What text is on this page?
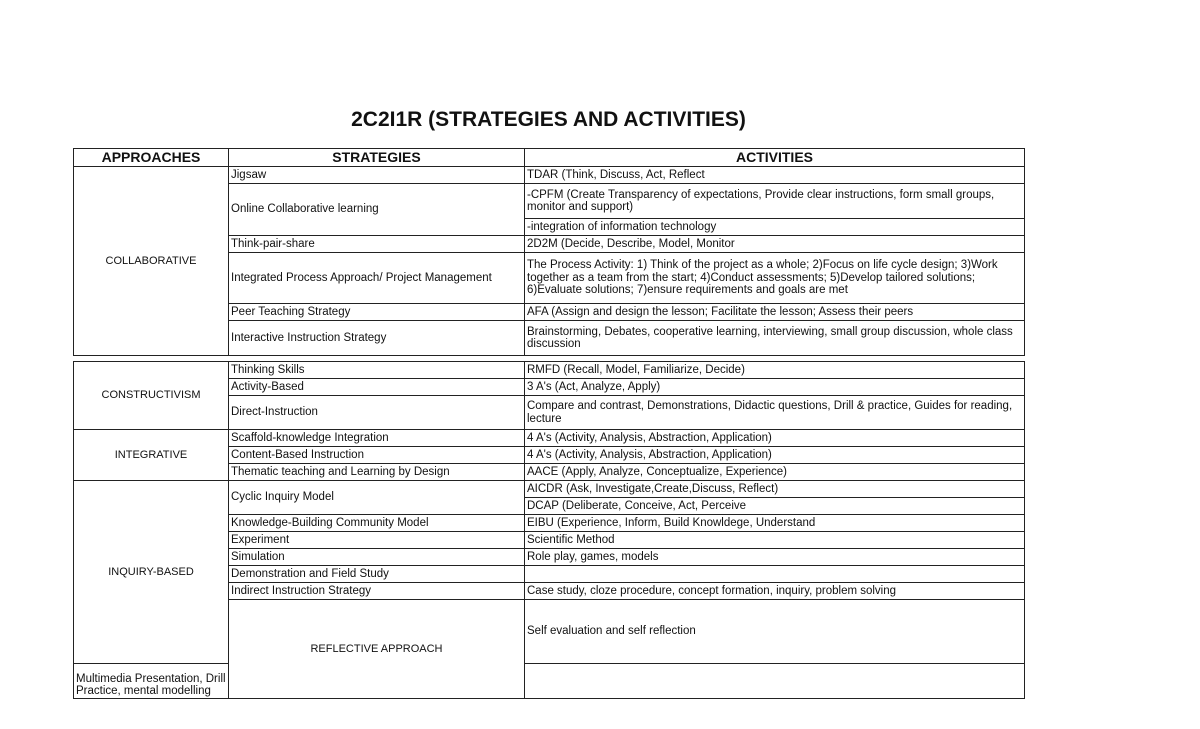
2C2I1R (STRATEGIES AND ACTIVITIES)
APPROACHES	STRATEGIES	ACTIVITIES
COLLABORATIVE	Jigsaw	TDAR (Think, Discuss, Act, Reflect
	Online Collaborative learning	-CPFM (Create Transparency of expectations, Provide clear instructions, form small groups, monitor and support)
		-integration of information technology
	Think-pair-share	2D2M (Decide, Describe, Model, Monitor
	Integrated Process Approach/ Project Management	The Process Activity: 1) Think of the project as a whole; 2)Focus on life cycle design; 3)Work together as a team from the start; 4)Conduct assessments; 5)Develop tailored solutions; 6)Evaluate solutions; 7)ensure requirements and goals are met
	Peer Teaching Strategy	AFA (Assign and design the lesson; Facilitate the lesson; Assess their peers
	Interactive Instruction Strategy	Brainstorming, Debates, cooperative learning, interviewing, small group discussion, whole class discussion
CONSTRUCTIVISM	Thinking Skills	RMFD (Recall, Model, Familiarize, Decide)	
	Activity-Based	3 A's (Act, Analyze, Apply)	
	Direct-Instruction	Compare and contrast, Demonstrations, Didactic questions, Drill & practice, Guides for reading, lecture	
INTEGRATIVE	Scaffold-knowledge Integration	4 A's (Activity, Analysis, Abstraction, Application)	
	Content-Based Instruction	4 A's (Activity, Analysis, Abstraction, Application)	
	Thematic teaching and Learning by Design	AACE (Apply, Analyze, Conceptualize, Experience)	
INQUIRY-BASED	Cyclic Inquiry Model	AICDR (Ask, Investigate,Create,Discuss, Reflect)	
		DCAP (Deliberate, Conceive, Act, Perceive	
	Knowledge-Building Community Model	EIBU (Experience, Inform, Build Knowldege, Understand	
	Experiment	Scientific Method	
	Simulation	Role play, games, models	
	Demonstration and Field Study		
	Indirect Instruction Strategy	Case study, cloze procedure, concept formation, inquiry, problem solving	
	REFLECTIVE APPROACH	Self evaluation and self reflection	
Multimedia Presentation, Drill Practice, mental modelling			
